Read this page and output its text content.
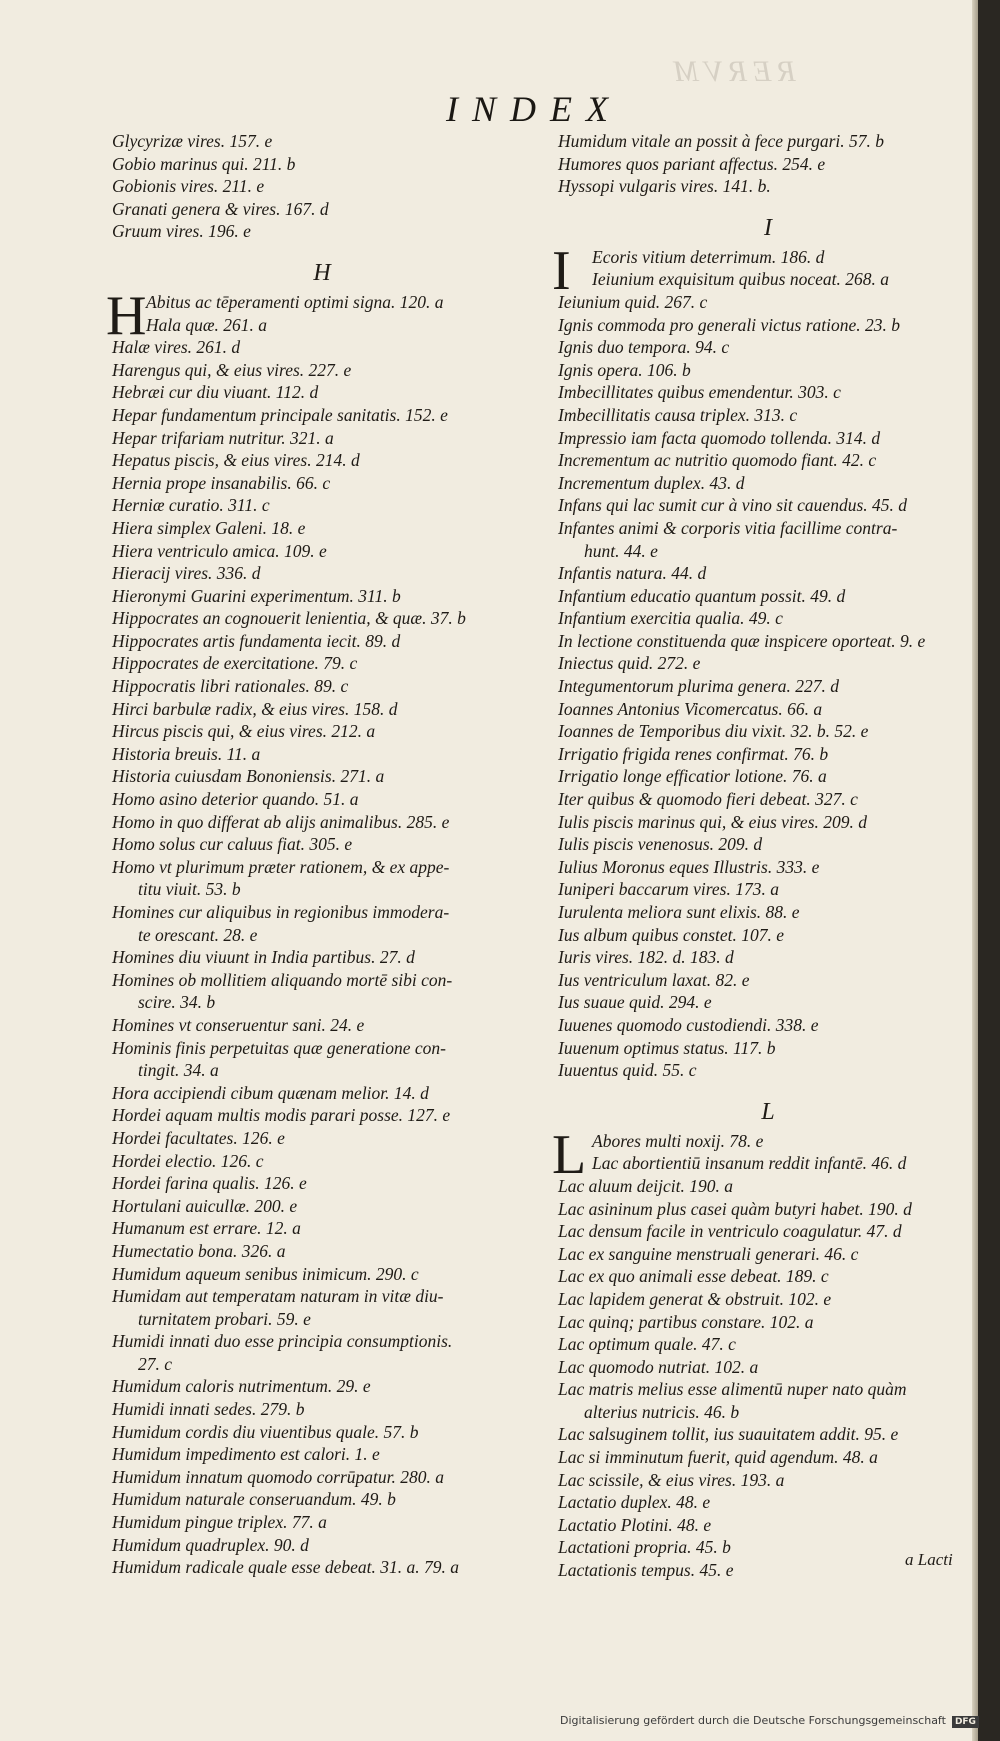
RERVM
INDEX
Glycyrizæ vires. 157. e
Gobio marinus qui. 211. b
Gobionis vires. 211. e
Granati genera & vires. 167. d
Gruum vires. 196. e
H
H Abitus ac tēperamenti optimi signa. 120. a
Hala quæ. 261. a
Halæ vires. 261. d
Harengus qui, & eius vires. 227. e
Hebræi cur diu viuant. 112. d
Hepar fundamentum principale sanitatis. 152. e
Hepar trifariam nutritur. 321. a
Hepatus piscis, & eius vires. 214. d
Hernia prope insanabilis. 66. c
Herniæ curatio. 311. c
Hiera simplex Galeni. 18. e
Hiera ventriculo amica. 109. e
Hieracij vires. 336. d
Hieronymi Guarini experimentum. 311. b
Hippocrates an cognouerit lenientia, & quæ. 37. b
Hippocrates artis fundamenta iecit. 89. d
Hippocrates de exercitatione. 79. c
Hippocratis libri rationales. 89. c
Hirci barbulæ radix, & eius vires. 158. d
Hircus piscis qui, & eius vires. 212. a
Historia breuis. 11. a
Historia cuiusdam Bononiensis. 271. a
Homo asino deterior quando. 51. a
Homo in quo differat ab alijs animalibus. 285. e
Homo solus cur caluus fiat. 305. e
Homo vt plurimum præter rationem, & ex appe-
titu viuit. 53. b
Homines cur aliquibus in regionibus immodera-
te orescant. 28. e
Homines diu viuunt in India partibus. 27. d
Homines ob mollitiem aliquando mortē sibi con-
scire. 34. b
Homines vt conseruentur sani. 24. e
Hominis finis perpetuitas quæ generatione con-
tingit. 34. a
Hora accipiendi cibum quænam melior. 14. d
Hordei aquam multis modis parari posse. 127. e
Hordei facultates. 126. e
Hordei electio. 126. c
Hordei farina qualis. 126. e
Hortulani auicullæ. 200. e
Humanum est errare. 12. a
Humectatio bona. 326. a
Humidum aqueum senibus inimicum. 290. c
Humidam aut temperatam naturam in vitæ diu-
turnitatem probari. 59. e
Humidi innati duo esse principia consumptionis.
27. c
Humidum caloris nutrimentum. 29. e
Humidi innati sedes. 279. b
Humidum cordis diu viuentibus quale. 57. b
Humidum impedimento est calori. 1. e
Humidum innatum quomodo corrūpatur. 280. a
Humidum naturale conseruandum. 49. b
Humidum pingue triplex. 77. a
Humidum quadruplex. 90. d
Humidum radicale quale esse debeat. 31. a. 79. a
Humidum vitale an possit à fece purgari. 57. b
Humores quos pariant affectus. 254. e
Hyssopi vulgaris vires. 141. b.
I
I	Ecoris vitium deterrimum. 186. d
Ieiunium exquisitum quibus noceat. 268. a
Ieiunium quid. 267. c
Ignis commoda pro generali victus ratione. 23. b
Ignis duo tempora. 94. c
Ignis opera. 106. b
Imbecillitates quibus emendentur. 303. c
Imbecillitatis causa triplex. 313. c
Impressio iam facta quomodo tollenda. 314. d
Incrementum ac nutritio quomodo fiant. 42. c
Incrementum duplex. 43. d
Infans qui lac sumit cur à vino sit cauendus. 45. d
Infantes animi & corporis vitia facillime contra-
hunt. 44. e
Infantis natura. 44. d
Infantium educatio quantum possit. 49. d
Infantium exercitia qualia. 49. c
In lectione constituenda quæ inspicere oporteat. 9. e
Iniectus quid. 272. e
Integumentorum plurima genera. 227. d
Ioannes Antonius Vicomercatus. 66. a
Ioannes de Temporibus diu vixit. 32. b. 52. e
Irrigatio frigida renes confirmat. 76. b
Irrigatio longe efficatior lotione. 76. a
Iter quibus & quomodo fieri debeat. 327. c
Iulis piscis marinus qui, & eius vires. 209. d
Iulis piscis venenosus. 209. d
Iulius Moronus eques Illustris. 333. e
Iuniperi baccarum vires. 173. a
Iurulenta meliora sunt elixis. 88. e
Ius album quibus constet. 107. e
Iuris vires. 182. d. 183. d
Ius ventriculum laxat. 82. e
Ius suaue quid. 294. e
Iuuenes quomodo custodiendi. 338. e
Iuuenum optimus status. 117. b
Iuuentus quid. 55. c
L
L Abores multi noxij. 78. e
Lac abortientiū insanum reddit infantē. 46. d
Lac aluum deijcit. 190. a
Lac asininum plus casei quàm butyri habet. 190. d
Lac densum facile in ventriculo coagulatur. 47. d
Lac ex sanguine menstruali generari. 46. c
Lac ex quo animali esse debeat. 189. c
Lac lapidem generat & obstruit. 102. e
Lac quinq; partibus constare. 102. a
Lac optimum quale. 47. c
Lac quomodo nutriat. 102. a
Lac matris melius esse alimentū nuper nato quàm
alterius nutricis. 46. b
Lac salsuginem tollit, ius suauitatem addit. 95. e
Lac si imminutum fuerit, quid agendum. 48. a
Lac scissile, & eius vires. 193. a
Lactatio duplex. 48. e
Lactatio Plotini. 48. e
Lactationi propria. 45. b
Lactationis tempus. 45. e
a Lacti
Digitalisierung gefördert durch die Deutsche Forschungsgemeinschaft DFG
